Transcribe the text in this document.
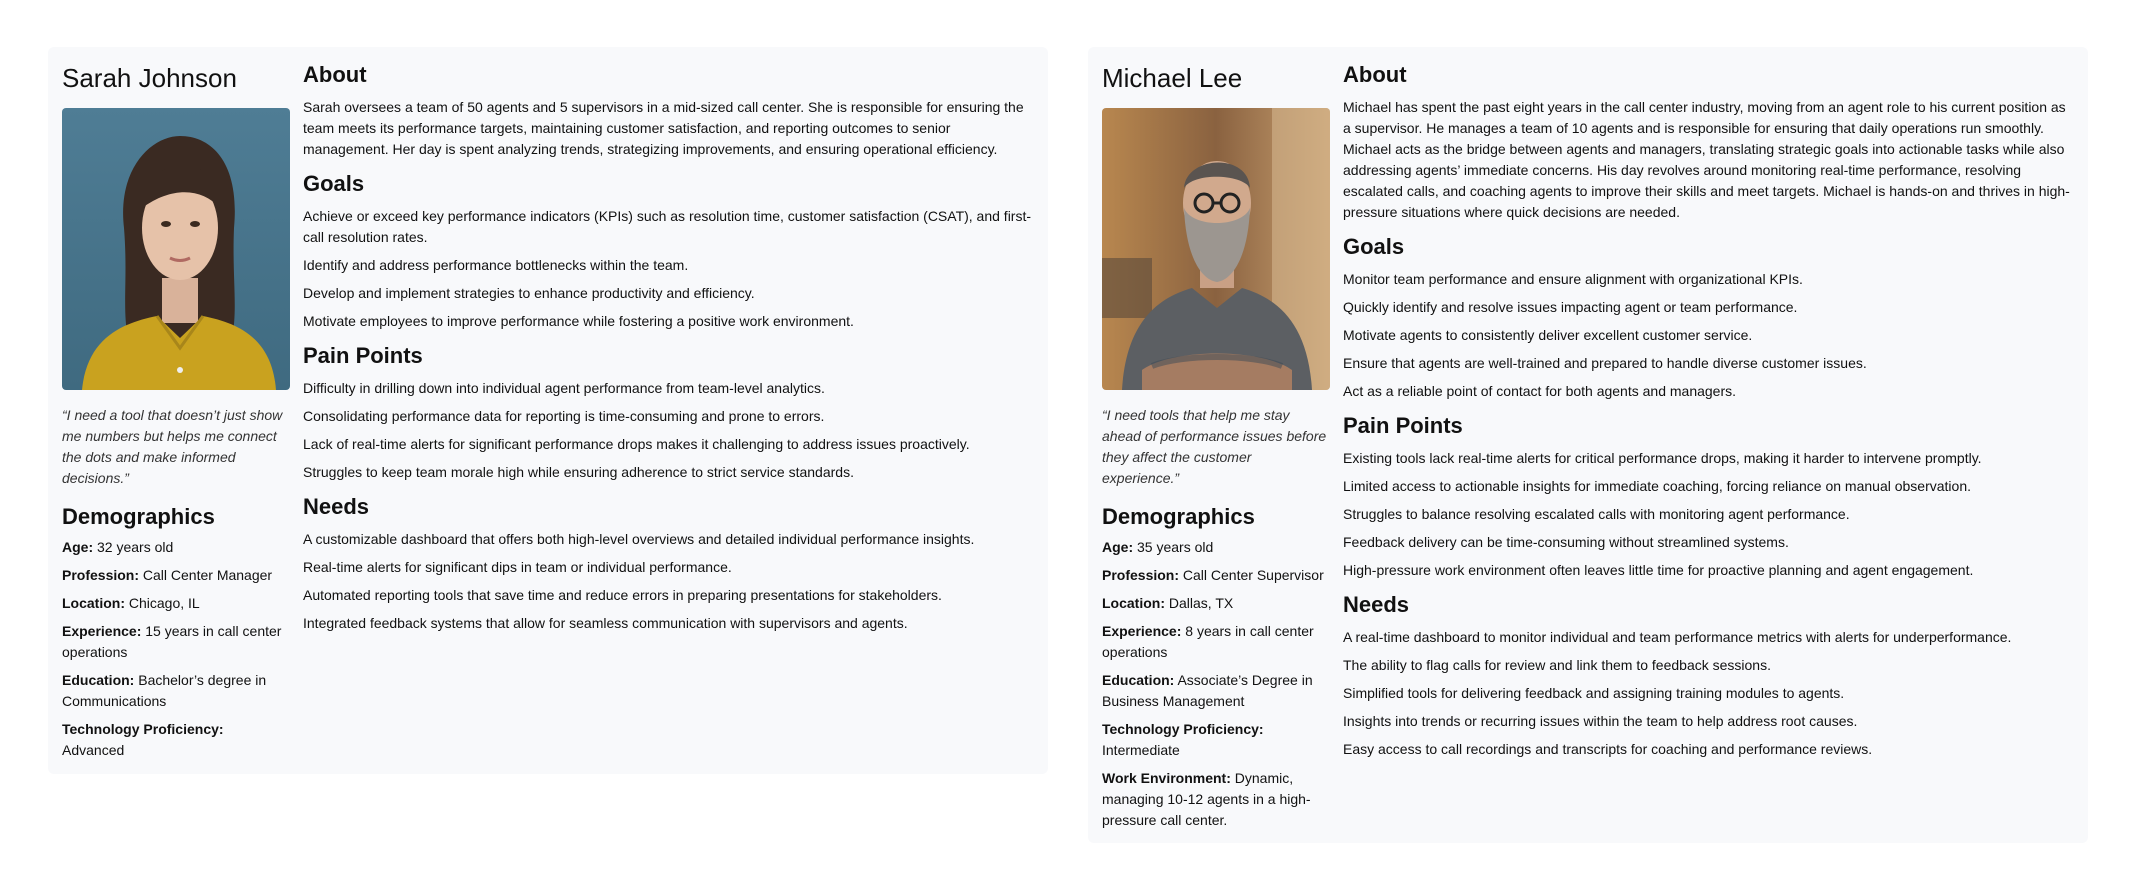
Sarah Johnson
“I need a tool that doesn’t just show me numbers but helps me connect the dots and make informed decisions.”
Demographics
Age: 32 years old
Profession: Call Center Manager
Location: Chicago, IL
Experience: 15 years in call center operations
Education: Bachelor’s degree in Communications
Technology Proficiency:
Advanced
About
Sarah oversees a team of 50 agents and 5 supervisors in a mid-sized call center. She is responsible for ensuring the team meets its performance targets, maintaining customer satisfaction, and reporting outcomes to senior management. Her day is spent analyzing trends, strategizing improvements, and ensuring operational efficiency.
Goals
Achieve or exceed key performance indicators (KPIs) such as resolution time, customer satisfaction (CSAT), and first-call resolution rates.
Identify and address performance bottlenecks within the team.
Develop and implement strategies to enhance productivity and efficiency.
Motivate employees to improve performance while fostering a positive work environment.
Pain Points
Difficulty in drilling down into individual agent performance from team-level analytics.
Consolidating performance data for reporting is time-consuming and prone to errors.
Lack of real-time alerts for significant performance drops makes it challenging to address issues proactively.
Struggles to keep team morale high while ensuring adherence to strict service standards.
Needs
A customizable dashboard that offers both high-level overviews and detailed individual performance insights.
Real-time alerts for significant dips in team or individual performance.
Automated reporting tools that save time and reduce errors in preparing presentations for stakeholders.
Integrated feedback systems that allow for seamless communication with supervisors and agents.
Michael Lee
“I need tools that help me stay ahead of performance issues before they affect the customer experience.”
Demographics
Age: 35 years old
Profession: Call Center Supervisor
Location: Dallas, TX
Experience: 8 years in call center operations
Education: Associate’s Degree in Business Management
Technology Proficiency:
Intermediate
Work Environment: Dynamic, managing 10-12 agents in a high-pressure call center.
About
Michael has spent the past eight years in the call center industry, moving from an agent role to his current position as a supervisor. He manages a team of 10 agents and is responsible for ensuring that daily operations run smoothly. Michael acts as the bridge between agents and managers, translating strategic goals into actionable tasks while also addressing agents’ immediate concerns. His day revolves around monitoring real-time performance, resolving escalated calls, and coaching agents to improve their skills and meet targets. Michael is hands-on and thrives in high-pressure situations where quick decisions are needed.
Goals
Monitor team performance and ensure alignment with organizational KPIs.
Quickly identify and resolve issues impacting agent or team performance.
Motivate agents to consistently deliver excellent customer service.
Ensure that agents are well-trained and prepared to handle diverse customer issues.
Act as a reliable point of contact for both agents and managers.
Pain Points
Existing tools lack real-time alerts for critical performance drops, making it harder to intervene promptly.
Limited access to actionable insights for immediate coaching, forcing reliance on manual observation.
Struggles to balance resolving escalated calls with monitoring agent performance.
Feedback delivery can be time-consuming without streamlined systems.
High-pressure work environment often leaves little time for proactive planning and agent engagement.
Needs
A real-time dashboard to monitor individual and team performance metrics with alerts for underperformance.
The ability to flag calls for review and link them to feedback sessions.
Simplified tools for delivering feedback and assigning training modules to agents.
Insights into trends or recurring issues within the team to help address root causes.
Easy access to call recordings and transcripts for coaching and performance reviews.
